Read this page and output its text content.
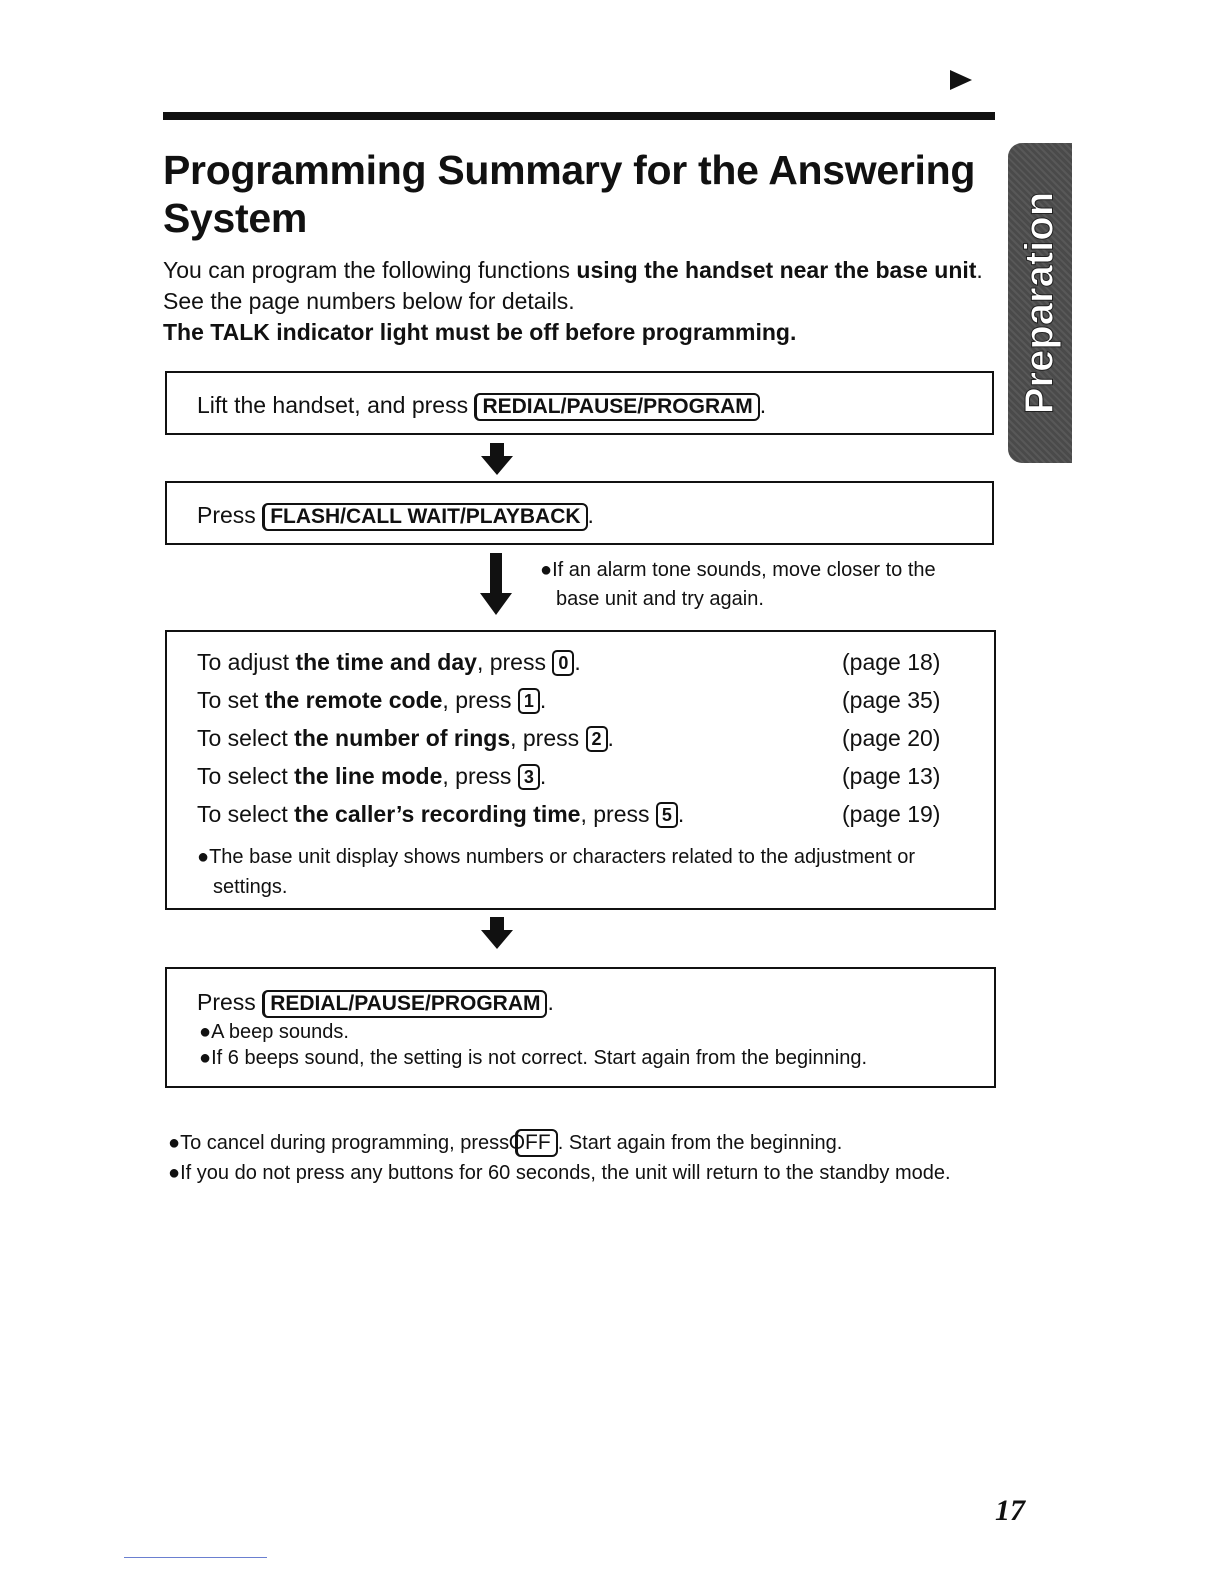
Programming Summary for the Answering System	Preparation
You can program the following functions using the handset near the base unit. See the page numbers below for details.
The TALK indicator light must be off before programming.
Lift the handset, and press REDIAL/PAUSE/PROGRAM .
Press FLASH/CALL WAIT/PLAYBACK .
●If an alarm tone sounds, move closer to the base unit and try again.
To adjust the time and day, press 0 .	(page 18)
To set the remote code, press 1 .	(page 35)
To select the number of rings, press 2 .	(page 20)
To select the line mode, press 3 .	(page 13)
To select the caller’s recording time, press 5 .	(page 19)
●The base unit display shows numbers or characters related to the adjustment or settings.
Press REDIAL/PAUSE/PROGRAM .
●A beep sounds.
●If 6 beeps sound, the setting is not correct. Start again from the beginning.
●To cancel during programming, press OFF . Start again from the beginning.
●If you do not press any buttons for 60 seconds, the unit will return to the standby mode.
17
